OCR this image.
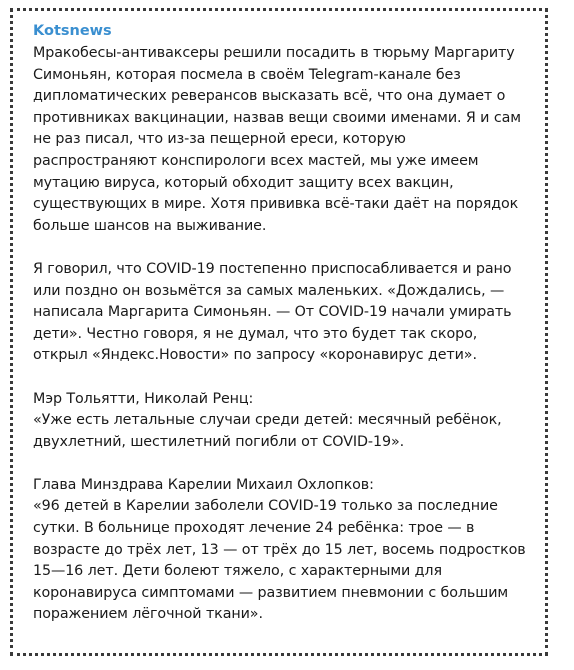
Kotsnews

Мракобесы-антиваксеры решили посадить в тюрьму Маргариту Симоньян, которая посмела в своём Telegram-канале без дипломатических реверансов высказать всё, что она думает о противниках вакцинации, назвав вещи своими именами. Я и сам не раз писал, что из-за пещерной ереси, которую распространяют конспирологи всех мастей, мы уже имеем мутацию вируса, который обходит защиту всех вакцин, существующих в мире. Хотя прививка всё-таки даёт на порядок больше шансов на выживание.

Я говорил, что COVID-19 постепенно приспосабливается и рано или поздно он возьмётся за самых маленьких. «Дождались, — написала Маргарита Симоньян. — От COVID-19 начали умирать дети». Честно говоря, я не думал, что это будет так скоро, открыл «Яндекс.Новости» по запросу «коронавирус дети».

Мэр Тольятти, Николай Ренц:
«Уже есть летальные случаи среди детей: месячный ребёнок, двухлетний, шестилетний погибли от COVID-19».

Глава Минздрава Карелии Михаил Охлопков:
«96 детей в Карелии заболели COVID-19 только за последние сутки. В больнице проходят лечение 24 ребёнка: трое — в возрасте до трёх лет, 13 — от трёх до 15 лет, восемь подростков 15—16 лет. Дети болеют тяжело, с характерными для коронавируса симптомами — развитием пневмонии с большим поражением лёгочной ткани».
